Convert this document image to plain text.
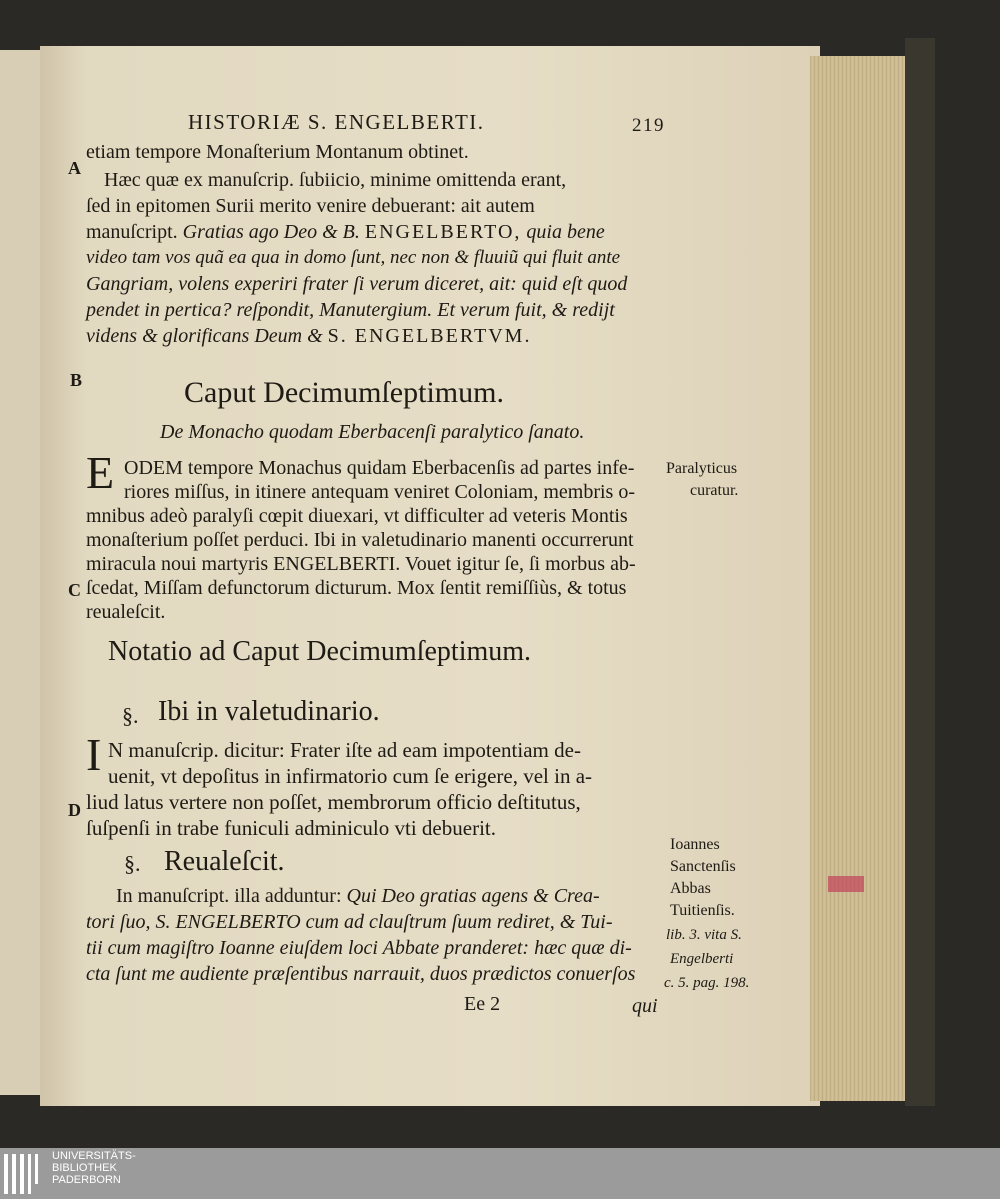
HISTORIÆ S. ENGELBERTI.	219
A
B
C
D
etiam tempore Monaſterium Montanum obtinet.
Hæc quæ ex manuſcrip. ſubiicio, minime omittenda erant,
ſed in epitomen Surii merito venire debuerant: ait autem
manuſcript. Gratias ago Deo & B. ENGELBERTO, quia bene
video tam vos quã ea qua in domo ſunt, nec non & fluuiũ qui fluit ante
Gangriam, volens experiri frater ſi verum diceret, ait: quid eſt quod
pendet in pertica? reſpondit, Manutergium. Et verum fuit, & redijt
videns & glorificans Deum & S. ENGELBERTVM.
Caput Decimumſeptimum.
De Monacho quodam Eberbacenſi paralytico ſanato.
E ODEM tempore Monachus quidam Eberbacenſis ad partes infe-
riores miſſus, in itinere antequam veniret Coloniam, membris o-
mnibus adeò paralyſi cœpit diuexari, vt difficulter ad veteris Montis
monaſterium poſſet perduci. Ibi in valetudinario manenti occurrerunt
miracula noui martyris ENGELBERTI. Vouet igitur ſe, ſi morbus ab-
ſcedat, Miſſam defunctorum dicturum. Mox ſentit remiſſiùs, & totus
reualeſcit.
Paralyticus
curatur.
Notatio ad Caput Decimumſeptimum.
§. Ibi in valetudinario.
I N manuſcrip. dicitur: Frater iſte ad eam impotentiam de-
uenit, vt depoſitus in infirmatorio cum ſe erigere, vel in a-
liud latus vertere non poſſet, membrorum officio deſtitutus,
ſuſpenſi in trabe funiculi adminiculo vti debuerit.
§. Reualeſcit.
In manuſcript. illa adduntur: Qui Deo gratias agens & Crea-
tori ſuo, S. ENGELBERTO cum ad clauſtrum ſuum rediret, & Tui-
tii cum magiſtro Ioanne eiuſdem loci Abbate pranderet: hæc quæ di-
cta ſunt me audiente præſentibus narrauit, duos prædictos conuerſos
Ee 2	qui
Ioannes
Sanctenſis
Abbas
Tuitienſis.
lib. 3. vita S.
Engelberti
c. 5. pag. 198.
UNIVERSITÄTS-
BIBLIOTHEK
PADERBORN
